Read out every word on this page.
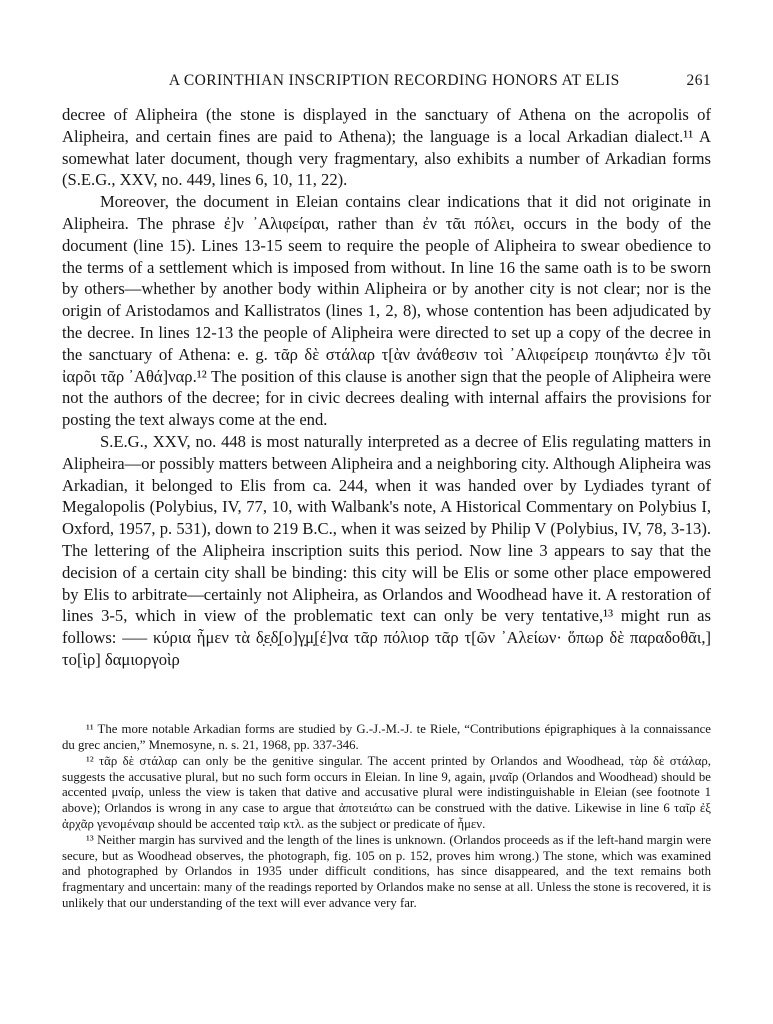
A CORINTHIAN INSCRIPTION RECORDING HONORS AT ELIS	261

decree of Alipheira (the stone is displayed in the sanctuary of Athena on the acropolis of Alipheira, and certain fines are paid to Athena); the language is a local Arkadian dialect.¹¹ A somewhat later document, though very fragmentary, also exhibits a number of Arkadian forms (S.E.G., XXV, no. 449, lines 6, 10, 11, 22).

Moreover, the document in Eleian contains clear indications that it did not originate in Alipheira. The phrase ἐ]ν ᾿Αλιφείραι, rather than ἐν τᾶι πόλει, occurs in the body of the document (line 15). Lines 13-15 seem to require the people of Alipheira to swear obedience to the terms of a settlement which is imposed from without. In line 16 the same oath is to be sworn by others—whether by another body within Alipheira or by another city is not clear; nor is the origin of Aristodamos and Kallistratos (lines 1, 2, 8), whose contention has been adjudicated by the decree. In lines 12-13 the people of Alipheira were directed to set up a copy of the decree in the sanctuary of Athena: e. g. τᾶρ δὲ στάλαρ τ[ὰν ἀνάθεσιν τοὶ ᾿Αλιφείρειρ ποιηάντω ἐ]ν τõι ἰαρõι τᾶρ ᾿Αθά]ναρ.¹² The position of this clause is another sign that the people of Alipheira were not the authors of the decree; for in civic decrees dealing with internal affairs the provisions for posting the text always come at the end.

S.E.G., XXV, no. 448 is most naturally interpreted as a decree of Elis regulating matters in Alipheira—or possibly matters between Alipheira and a neighboring city. Although Alipheira was Arkadian, it belonged to Elis from ca. 244, when it was handed over by Lydiades tyrant of Megalopolis (Polybius, IV, 77, 10, with Walbank's note, A Historical Commentary on Polybius I, Oxford, 1957, p. 531), down to 219 B.C., when it was seized by Philip V (Polybius, IV, 78, 3-13). The lettering of the Alipheira inscription suits this period. Now line 3 appears to say that the decision of a certain city shall be binding: this city will be Elis or some other place empowered by Elis to arbitrate—certainly not Alipheira, as Orlandos and Woodhead have it. A restoration of lines 3-5, which in view of the problematic text can only be very tentative,¹³ might run as follows: ––– κύρια ἦμεν τὰ δ̣ε̣δ̣[ο]γ̣μ̣[έ]να τᾶρ πόλιορ τᾶρ τ[ῶν ᾿Αλείων· ὅπωρ δὲ παραδοθᾶι,] το[ὶρ] δαμιοργοὶρ

¹¹ The more notable Arkadian forms are studied by G.-J.-M.-J. te Riele, “Contributions épigraphiques à la connaissance du grec ancien,” Mnemosyne, n. s. 21, 1968, pp. 337-346.

¹² τᾶρ δὲ στάλαρ can only be the genitive singular. The accent printed by Orlandos and Woodhead, τὰρ δὲ στάλαρ, suggests the accusative plural, but no such form occurs in Eleian. In line 9, again, μναῖρ (Orlandos and Woodhead) should be accented μναίρ, unless the view is taken that dative and accusative plural were indistinguishable in Eleian (see footnote 1 above); Orlandos is wrong in any case to argue that ἀποτειάτω can be construed with the dative. Likewise in line 6 ταῖρ ἐξ ἀρχᾶρ γενομέναιρ should be accented ταὶρ κτλ. as the subject or predicate of ἦμεν.

¹³ Neither margin has survived and the length of the lines is unknown. (Orlandos proceeds as if the left-hand margin were secure, but as Woodhead observes, the photograph, fig. 105 on p. 152, proves him wrong.) The stone, which was examined and photographed by Orlandos in 1935 under difficult conditions, has since disappeared, and the text remains both fragmentary and uncertain: many of the readings reported by Orlandos make no sense at all. Unless the stone is recovered, it is unlikely that our understanding of the text will ever advance very far.
